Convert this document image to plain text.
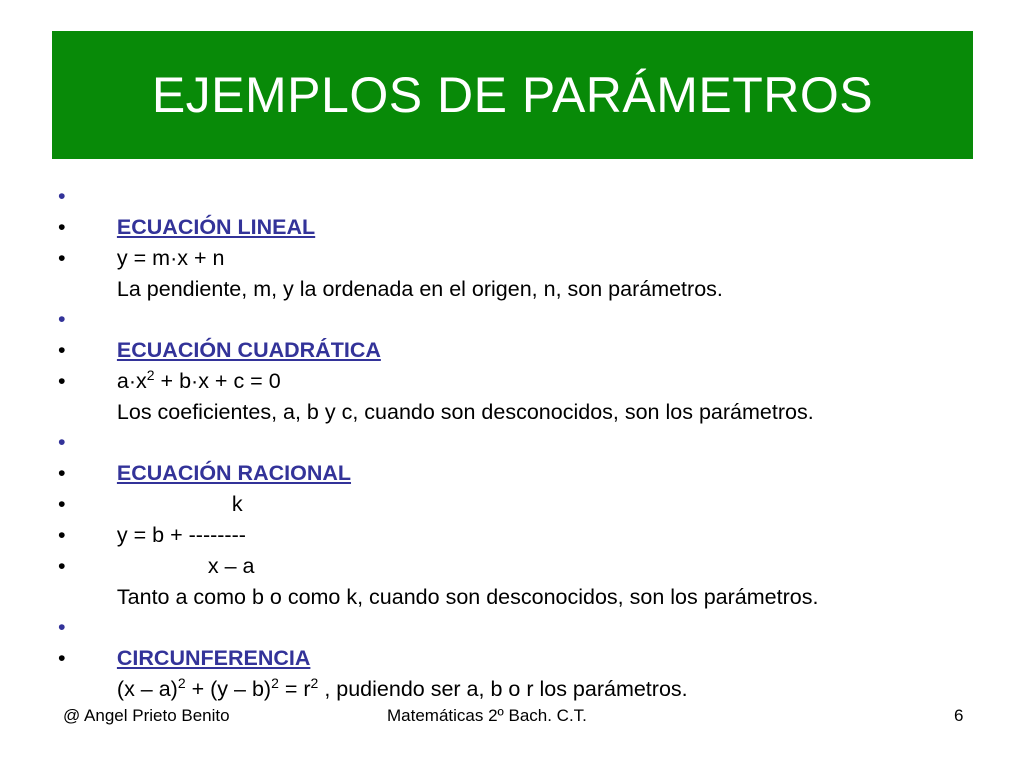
EJEMPLOS DE PARÁMETROS

•
ECUACIÓN LINEAL

•
y = m·x + n

•
La pendiente, m, y la ordenada en el origen, n, son parámetros.

•
ECUACIÓN CUADRÁTICA

•
$a\cdot x^2 + b\cdot x + c = 0$

•
Los coeficientes, a, b y c, cuando son desconocidos, son los parámetros.

•
ECUACIÓN RACIONAL

•
k

•
y = b + --------

•
x – a

•
Tanto a como b o como k, cuando son desconocidos, son los parámetros.

•
CIRCUNFERENCIA

•
$(x - a)^2 + (y - b)^2 = r^2$ , pudiendo ser a, b o r los parámetros.

@ Angel Prieto Benito	Matemáticas 2º Bach. C.T.	6
